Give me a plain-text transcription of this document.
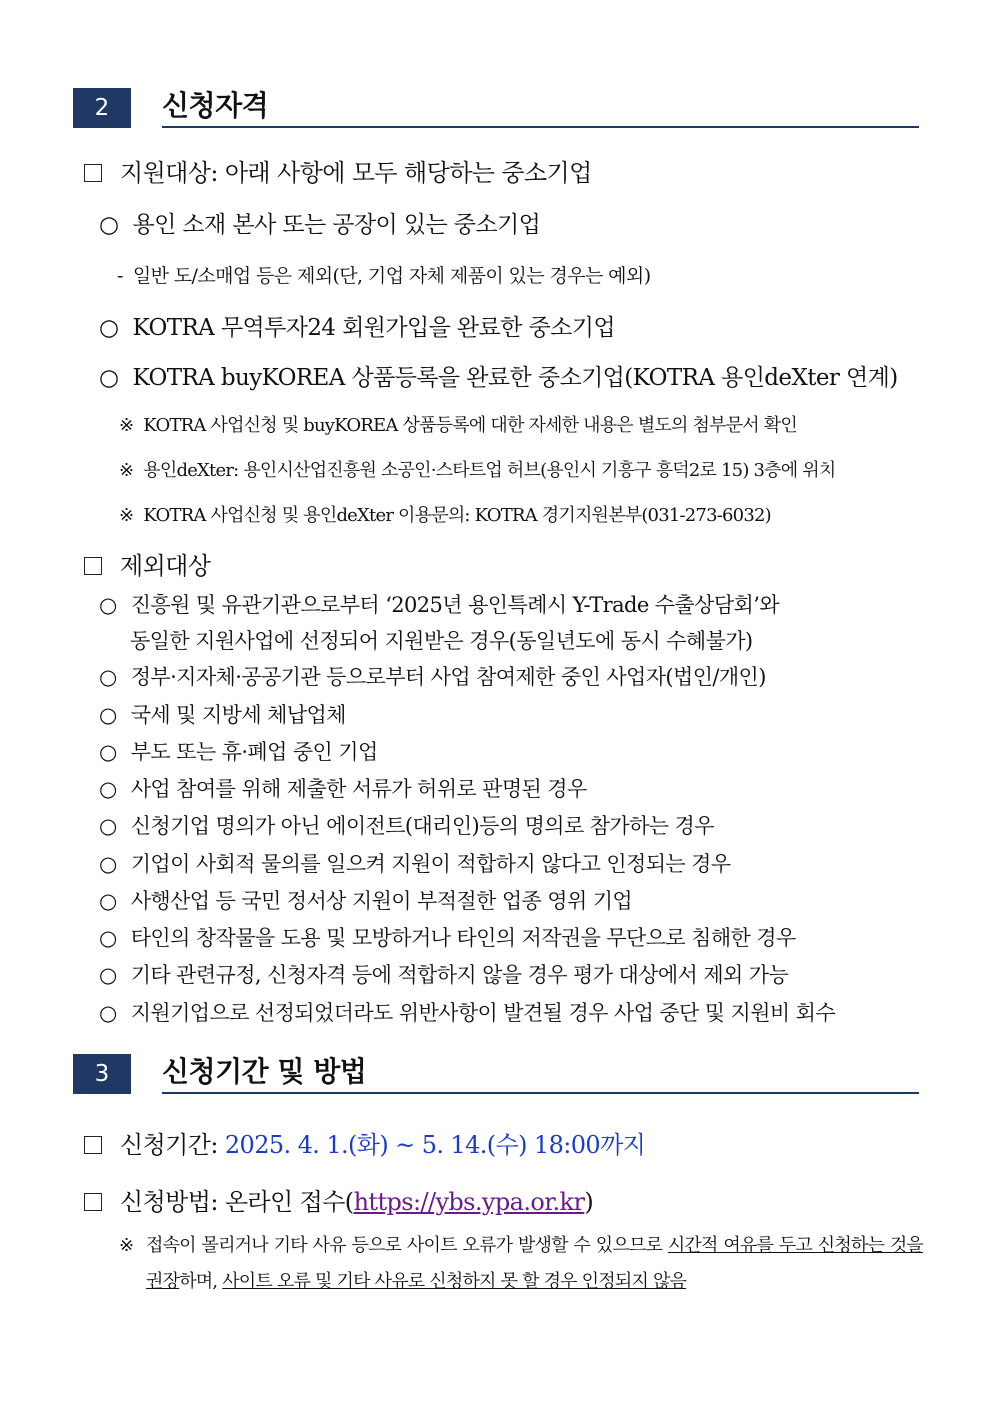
2	신청자격
지원대상: 아래 사항에 모두 해당하는 중소기업
○ 용인 소재 본사 또는 공장이 있는 중소기업
- 일반 도/소매업 등은 제외(단, 기업 자체 제품이 있는 경우는 예외)
○ KOTRA 무역투자24 회원가입을 완료한 중소기업
○ KOTRA buyKOREA 상품등록을 완료한 중소기업(KOTRA 용인deXter 연계)
※ KOTRA 사업신청 및 buyKOREA 상품등록에 대한 자세한 내용은 별도의 첨부문서 확인
※ 용인deXter: 용인시산업진흥원 소공인·스타트업 허브(용인시 기흥구 흥덕2로 15) 3층에 위치
※ KOTRA 사업신청 및 용인deXter 이용문의: KOTRA 경기지원본부(031-273-6032)
제외대상
○ 진흥원 및 유관기관으로부터 ‘2025년 용인특례시 Y-Trade 수출상담회’와
동일한 지원사업에 선정되어 지원받은 경우(동일년도에 동시 수혜불가)
○ 정부·지자체·공공기관 등으로부터 사업 참여제한 중인 사업자(법인/개인)
○ 국세 및 지방세 체납업체
○ 부도 또는 휴·폐업 중인 기업
○ 사업 참여를 위해 제출한 서류가 허위로 판명된 경우
○ 신청기업 명의가 아닌 에이전트(대리인)등의 명의로 참가하는 경우
○ 기업이 사회적 물의를 일으켜 지원이 적합하지 않다고 인정되는 경우
○ 사행산업 등 국민 정서상 지원이 부적절한 업종 영위 기업
○ 타인의 창작물을 도용 및 모방하거나 타인의 저작권을 무단으로 침해한 경우
○ 기타 관련규정, 신청자격 등에 적합하지 않을 경우 평가 대상에서 제외 가능
○ 지원기업으로 선정되었더라도 위반사항이 발견될 경우 사업 중단 및 지원비 회수
3	신청기간 및 방법
신청기간: 2025. 4. 1.(화) ~ 5. 14.(수) 18:00까지
신청방법: 온라인 접수(https://ybs.ypa.or.kr)
※ 접속이 몰리거나 기타 사유 등으로 사이트 오류가 발생할 수 있으므로 시간적 여유를 두고 신청하는 것을 권장하며, 사이트 오류 및 기타 사유로 신청하지 못 할 경우 인정되지 않음
